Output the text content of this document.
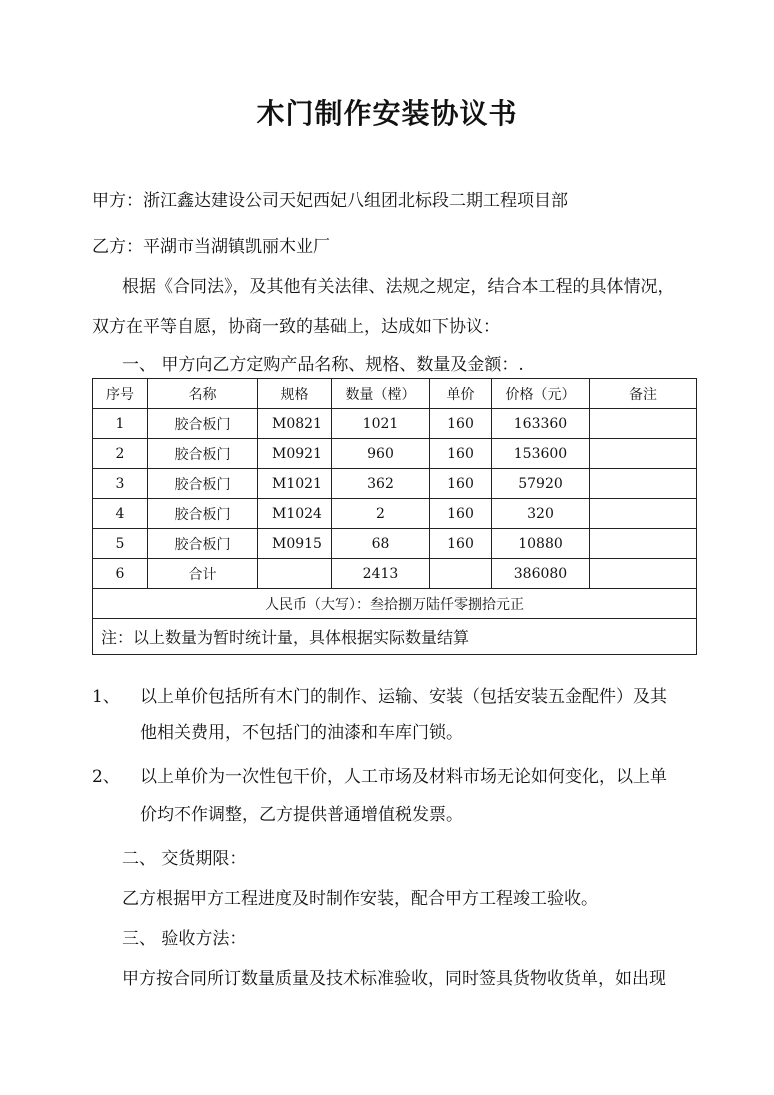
木门制作安装协议书
甲方：浙江鑫达建设公司天妃西妃八组团北标段二期工程项目部
乙方：平湖市当湖镇凯丽木业厂
根据《合同法》，及其他有关法律、法规之规定，结合本工程的具体情况，
双方在平等自愿，协商一致的基础上，达成如下协议：
一、 甲方向乙方定购产品名称、规格、数量及金额：.
序号	名称	规格	数量（樘）	单价	价格（元）	备注
1	胶合板门	M0821	1021	160	163360	
2	胶合板门	M0921	960	160	153600	
3	胶合板门	M1021	362	160	57920	
4	胶合板门	M1024	2	160	320	
5	胶合板门	M0915	68	160	10880	
6	合计		2413		386080	
人民币（大写）：叁拾捌万陆仟零捌拾元正						
注：以上数量为暂时统计量，具体根据实际数量结算						
1、 以上单价包括所有木门的制作、运输、安装（包括安装五金配件）及其
他相关费用，不包括门的油漆和车库门锁。
2、 以上单价为一次性包干价，人工市场及材料市场无论如何变化，以上单
价均不作调整，乙方提供普通增值税发票。
二、 交货期限：
乙方根据甲方工程进度及时制作安装，配合甲方工程竣工验收。
三、 验收方法：
甲方按合同所订数量质量及技术标准验收，同时签具货物收货单，如出现
